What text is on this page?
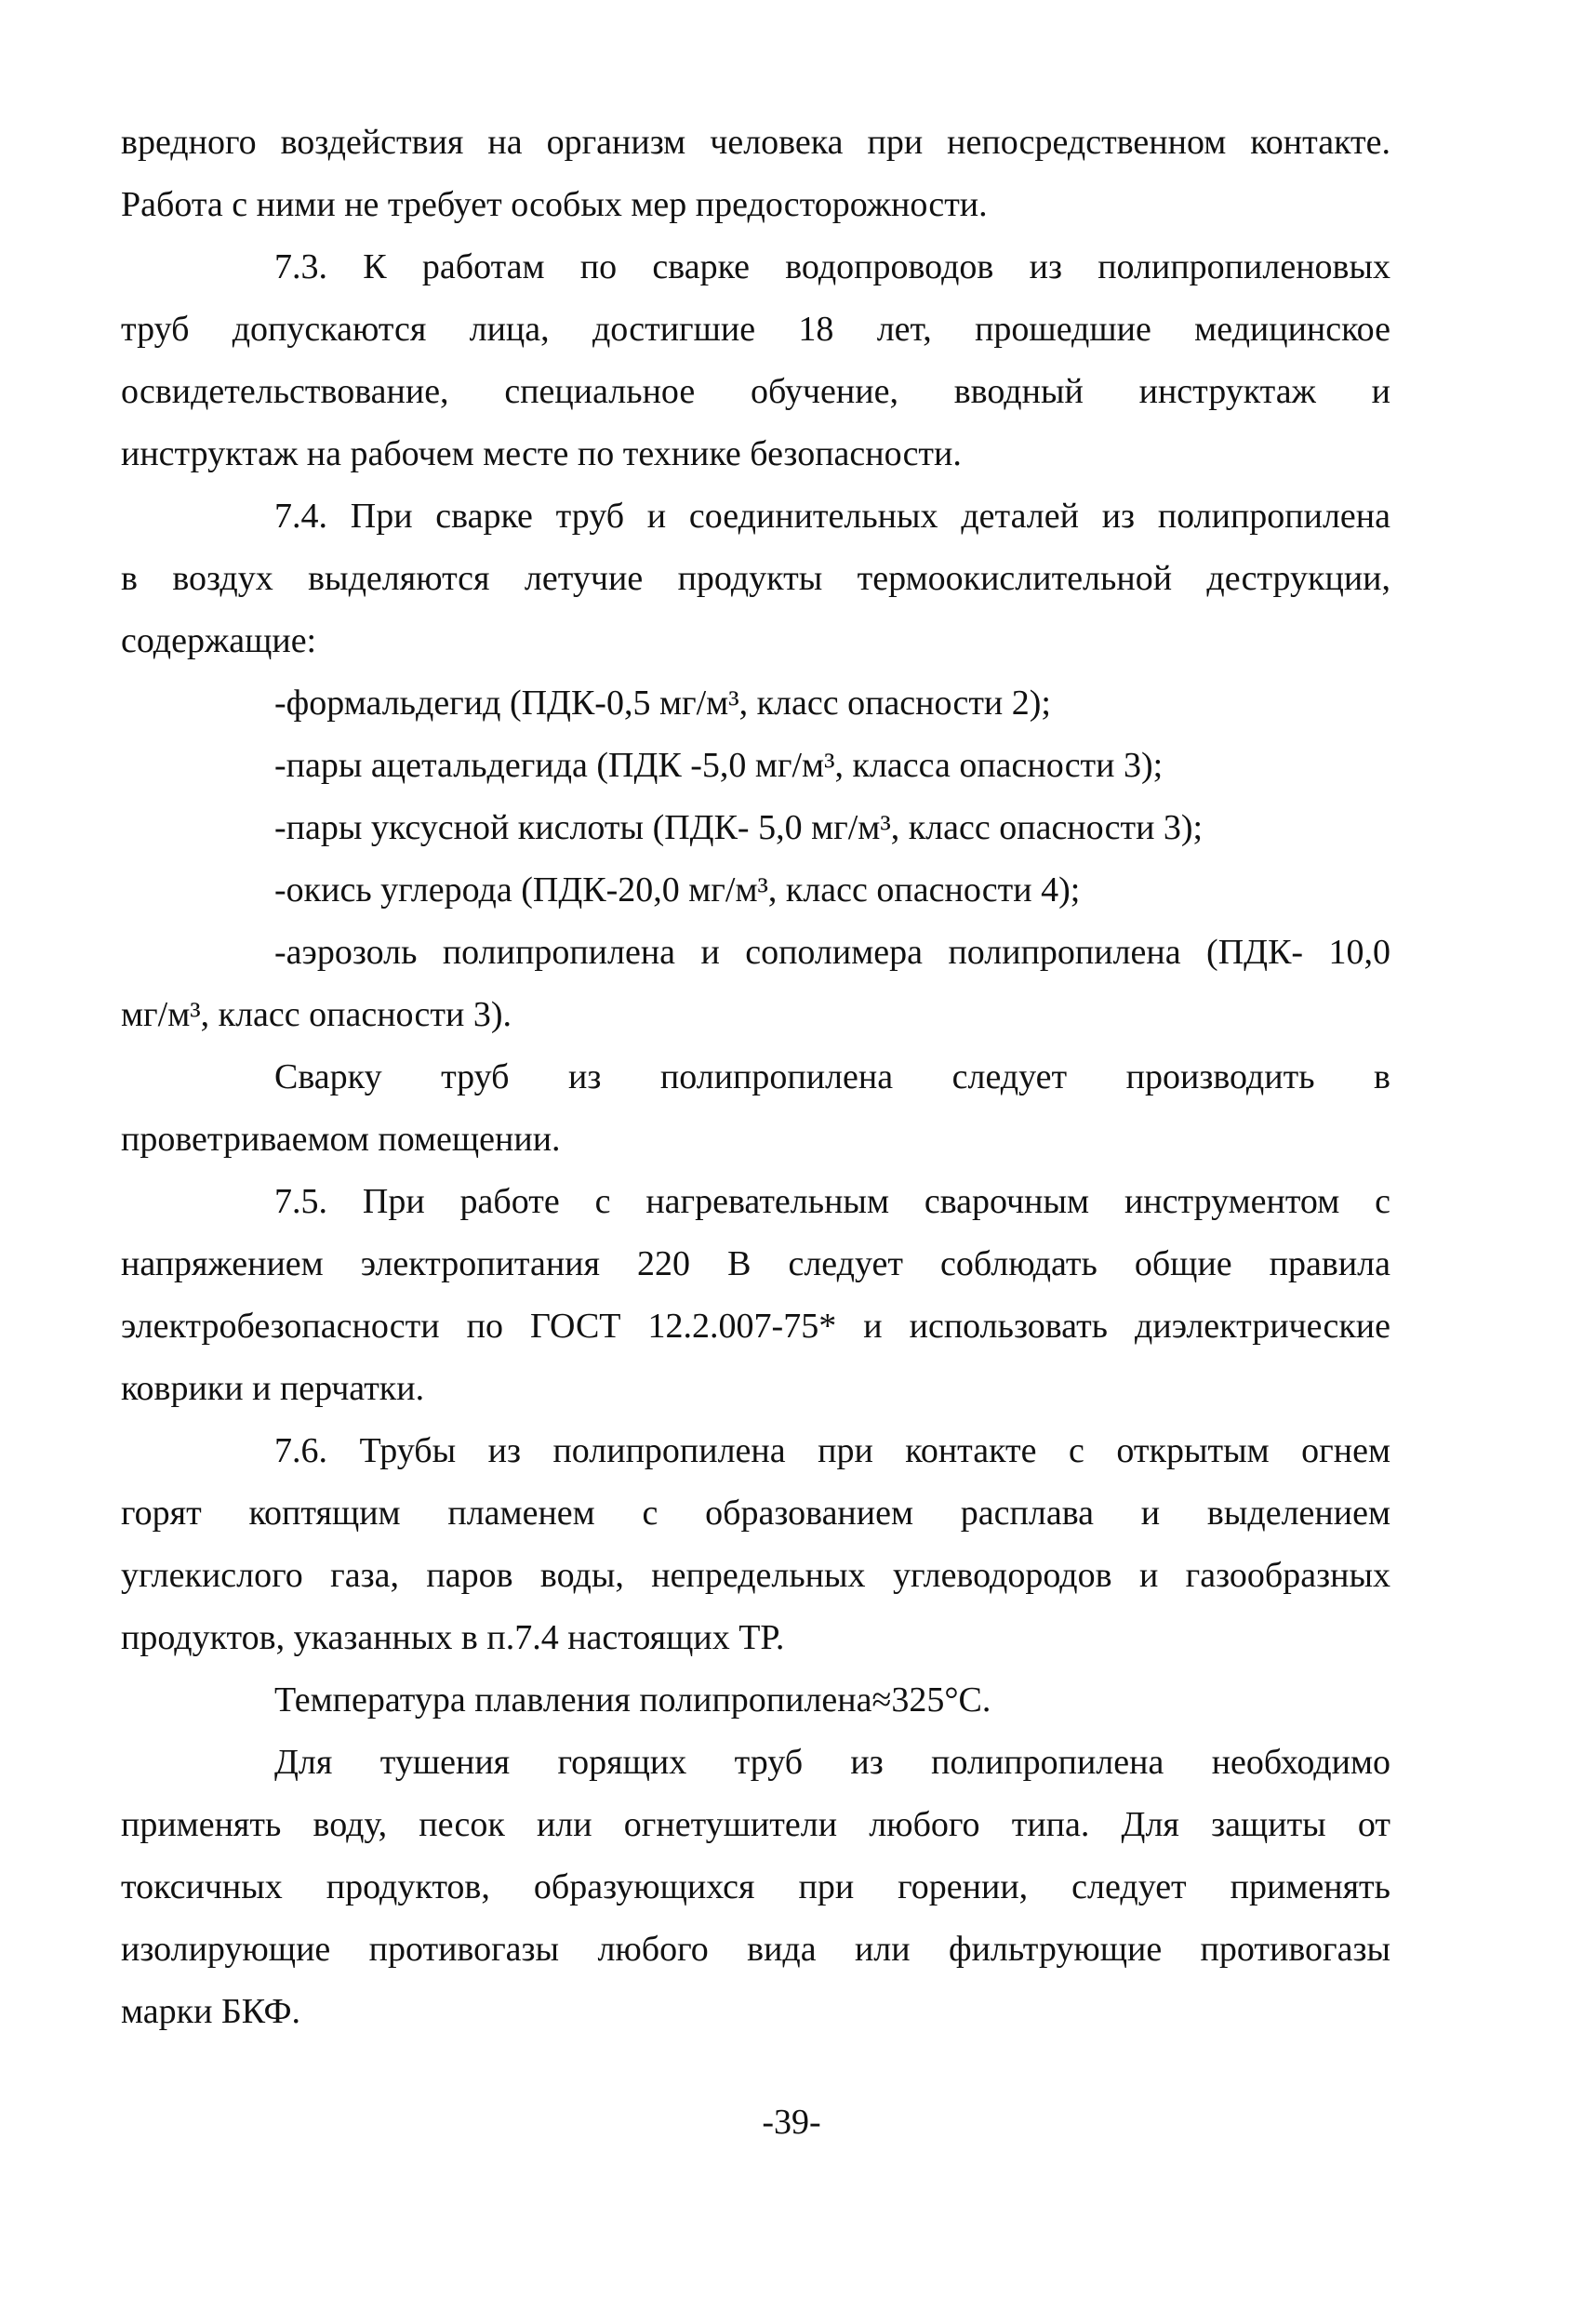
вредного воздействия на организм человека при непосредственном контакте.
Работа с ними не требует особых мер предосторожности.
7.3. К работам по сварке водопроводов из полипропиленовых
труб допускаются лица, достигшие 18 лет, прошедшие медицинское
освидетельствование, специальное обучение, вводный инструктаж и
инструктаж на рабочем месте по технике безопасности.
7.4. При сварке труб и соединительных деталей из полипропилена
в воздух выделяются летучие продукты термоокислительной деструкции,
содержащие:
-формальдегид (ПДК-0,5 мг/м³, класс опасности 2);
-пары ацетальдегида (ПДК -5,0 мг/м³, класса опасности 3);
-пары уксусной кислоты (ПДК- 5,0 мг/м³, класс опасности 3);
-окись углерода (ПДК-20,0 мг/м³, класс опасности 4);
-аэрозоль полипропилена и сополимера полипропилена (ПДК- 10,0
мг/м³, класс опасности 3).
Сварку труб из полипропилена следует производить в
проветриваемом помещении.
7.5. При работе с нагревательным сварочным инструментом с
напряжением электропитания 220 В следует соблюдать общие правила
электробезопасности по ГОСТ 12.2.007-75* и использовать диэлектрические
коврики и перчатки.
7.6. Трубы из полипропилена при контакте с открытым огнем
горят коптящим пламенем с образованием расплава и выделением
углекислого газа, паров воды, непредельных углеводородов и газообразных
продуктов, указанных в п.7.4 настоящих ТР.
Температура плавления полипропилена≈325°С.
Для тушения горящих труб из полипропилена необходимо
применять воду, песок или огнетушители любого типа. Для защиты от
токсичных продуктов, образующихся при горении, следует применять
изолирующие противогазы любого вида или фильтрующие противогазы
марки БКФ.
-39-
